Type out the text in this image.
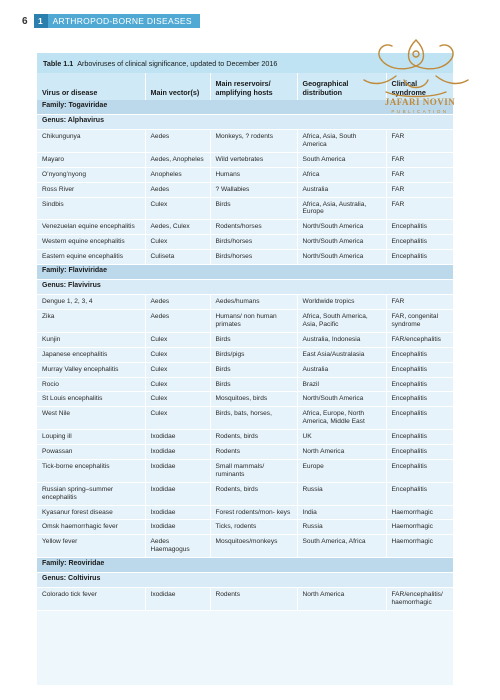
6	1	ARTHROPOD-BORNE DISEASES
Table 1.1 Arboviruses of clinical significance, updated to December 2016
Virus or disease	Main vector(s)	Main reservoirs/ amplifying hosts	Geographical distribution	Clinical syndrome
Family: Togaviridae				
Genus: Alphavirus				
Chikungunya	Aedes	Monkeys, ? rodents	Africa, Asia, South America	FAR
Mayaro	Aedes, Anopheles	Wild vertebrates	South America	FAR
O’nyong’nyong	Anopheles	Humans	Africa	FAR
Ross River	Aedes	? Wallabies	Australia	FAR
Sindbis	Culex	Birds	Africa, Asia, Australia, Europe	FAR
Venezuelan equine encephalitis	Aedes, Culex	Rodents/horses	North/South America	Encephalitis
Western equine encephalitis	Culex	Birds/horses	North/South America	Encephalitis
Eastern equine encephalitis	Culiseta	Birds/horses	North/South America	Encephalitis
Family: Flaviviridae				
Genus: Flavivirus				
Dengue 1, 2, 3, 4	Aedes	Aedes/humans	Worldwide tropics	FAR
Zika	Aedes	Humans/ non human primates	Africa, South America, Asia, Pacific	FAR, congenital syndrome
Kunjin	Culex	Birds	Australia, Indonesia	FAR/encephalitis
Japanese encephalitis	Culex	Birds/pigs	East Asia/Australasia	Encephalitis
Murray Valley encephalitis	Culex	Birds	Australia	Encephalitis
Rocio	Culex	Birds	Brazil	Encephalitis
St Louis encephalitis	Culex	Mosquitoes, birds	North/South America	Encephalitis
West Nile	Culex	Birds, bats, horses,	Africa, Europe, North America, Middle East	Encephalitis
Louping ill	Ixodidae	Rodents, birds	UK	Encephalitis
Powassan	Ixodidae	Rodents	North America	Encephalitis
Tick-borne encephalitis	Ixodidae	Small mammals/ ruminants	Europe	Encephalitis
Russian spring–summer encephalitis	Ixodidae	Rodents, birds	Russia	Encephalitis
Kyasanur forest disease	Ixodidae	Forest rodents/mon- keys	India	Haemorrhagic
Omsk haemorrhagic fever	Ixodidae	Ticks, rodents	Russia	Haemorrhagic
Yellow fever	Aedes Haemagogus	Mosquitoes/monkeys	South America, Africa	Haemorrhagic
Family: Reoviridae				
Genus: Coltivirus				
Colorado tick fever	Ixodidae	Rodents	North America	FAR/encephalitis/ haemorrhagic
JAFARI NOVIN
PUBLICATION
